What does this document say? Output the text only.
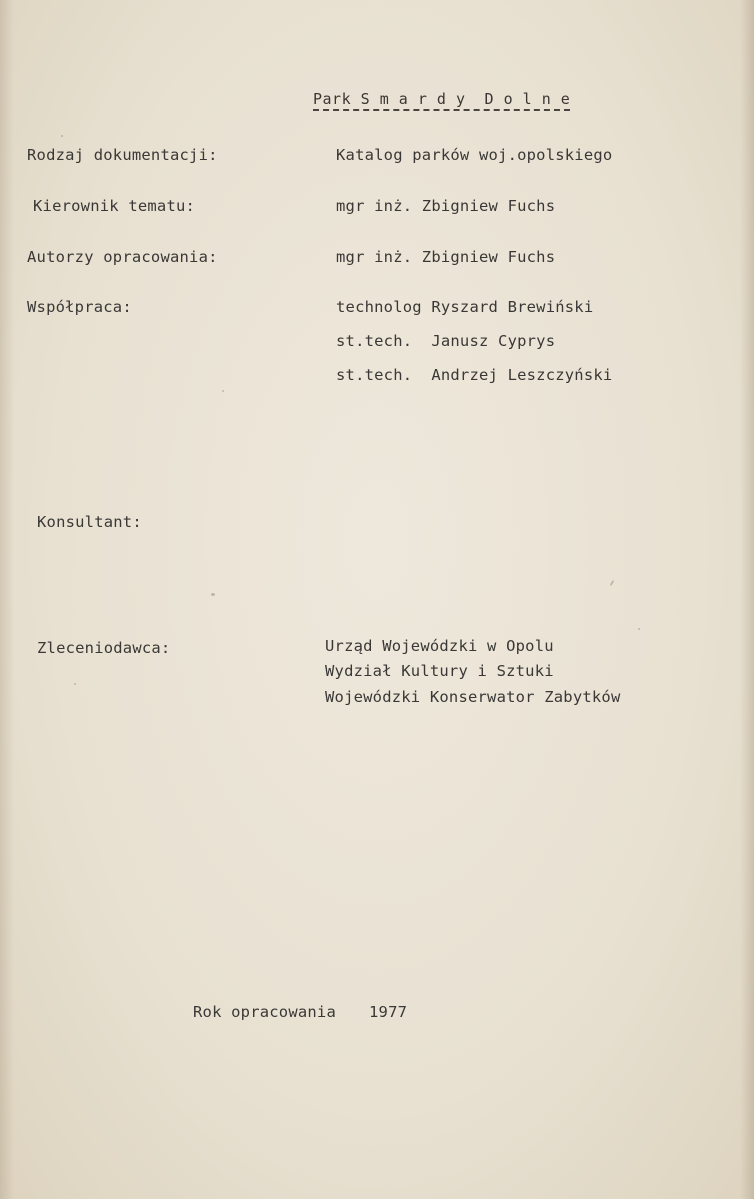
Park S m a r d y  D o l n e
Rodzaj dokumentacji:	Katalog parków woj.opolskiego
Kierownik tematu:	mgr inż. Zbigniew Fuchs
Autorzy opracowania:	mgr inż. Zbigniew Fuchs
Współpraca:	technolog Ryszard Brewiński
st.tech.  Janusz Cyprys
st.tech.  Andrzej Leszczyński
Konsultant:
Zleceniodawca:	Urząd Wojewódzki w Opolu
Wydział Kultury i Sztuki
Wojewódzki Konserwator Zabytków
Rok opracowania 1977
